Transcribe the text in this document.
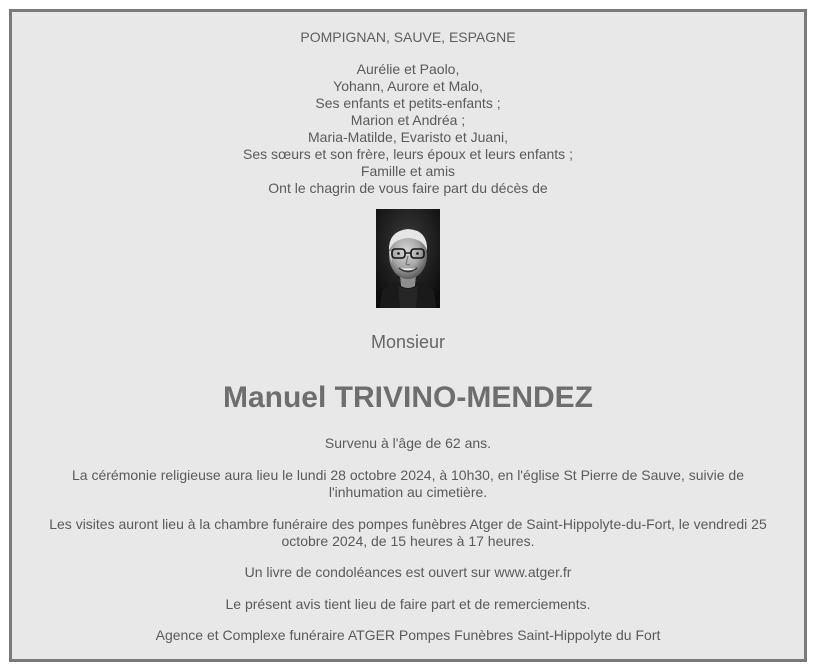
POMPIGNAN, SAUVE, ESPAGNE
Aurélie et Paolo,
Yohann, Aurore et Malo,
Ses enfants et petits-enfants ;
Marion et Andréa ;
Maria-Matilde, Evaristo et Juani,
Ses sœurs et son frère, leurs époux et leurs enfants ;
Famille et amis
Ont le chagrin de vous faire part du décès de
Monsieur
Manuel TRIVINO-MENDEZ
Survenu à l'âge de 62 ans.
La cérémonie religieuse aura lieu le lundi 28 octobre 2024, à 10h30, en l'église St Pierre de Sauve, suivie de l'inhumation au cimetière.
Les visites auront lieu à la chambre funéraire des pompes funèbres Atger de Saint-Hippolyte-du-Fort, le vendredi 25 octobre 2024, de 15 heures à 17 heures.
Un livre de condoléances est ouvert sur www.atger.fr
Le présent avis tient lieu de faire part et de remerciements.
Agence et Complexe funéraire ATGER Pompes Funèbres Saint-Hippolyte du Fort
